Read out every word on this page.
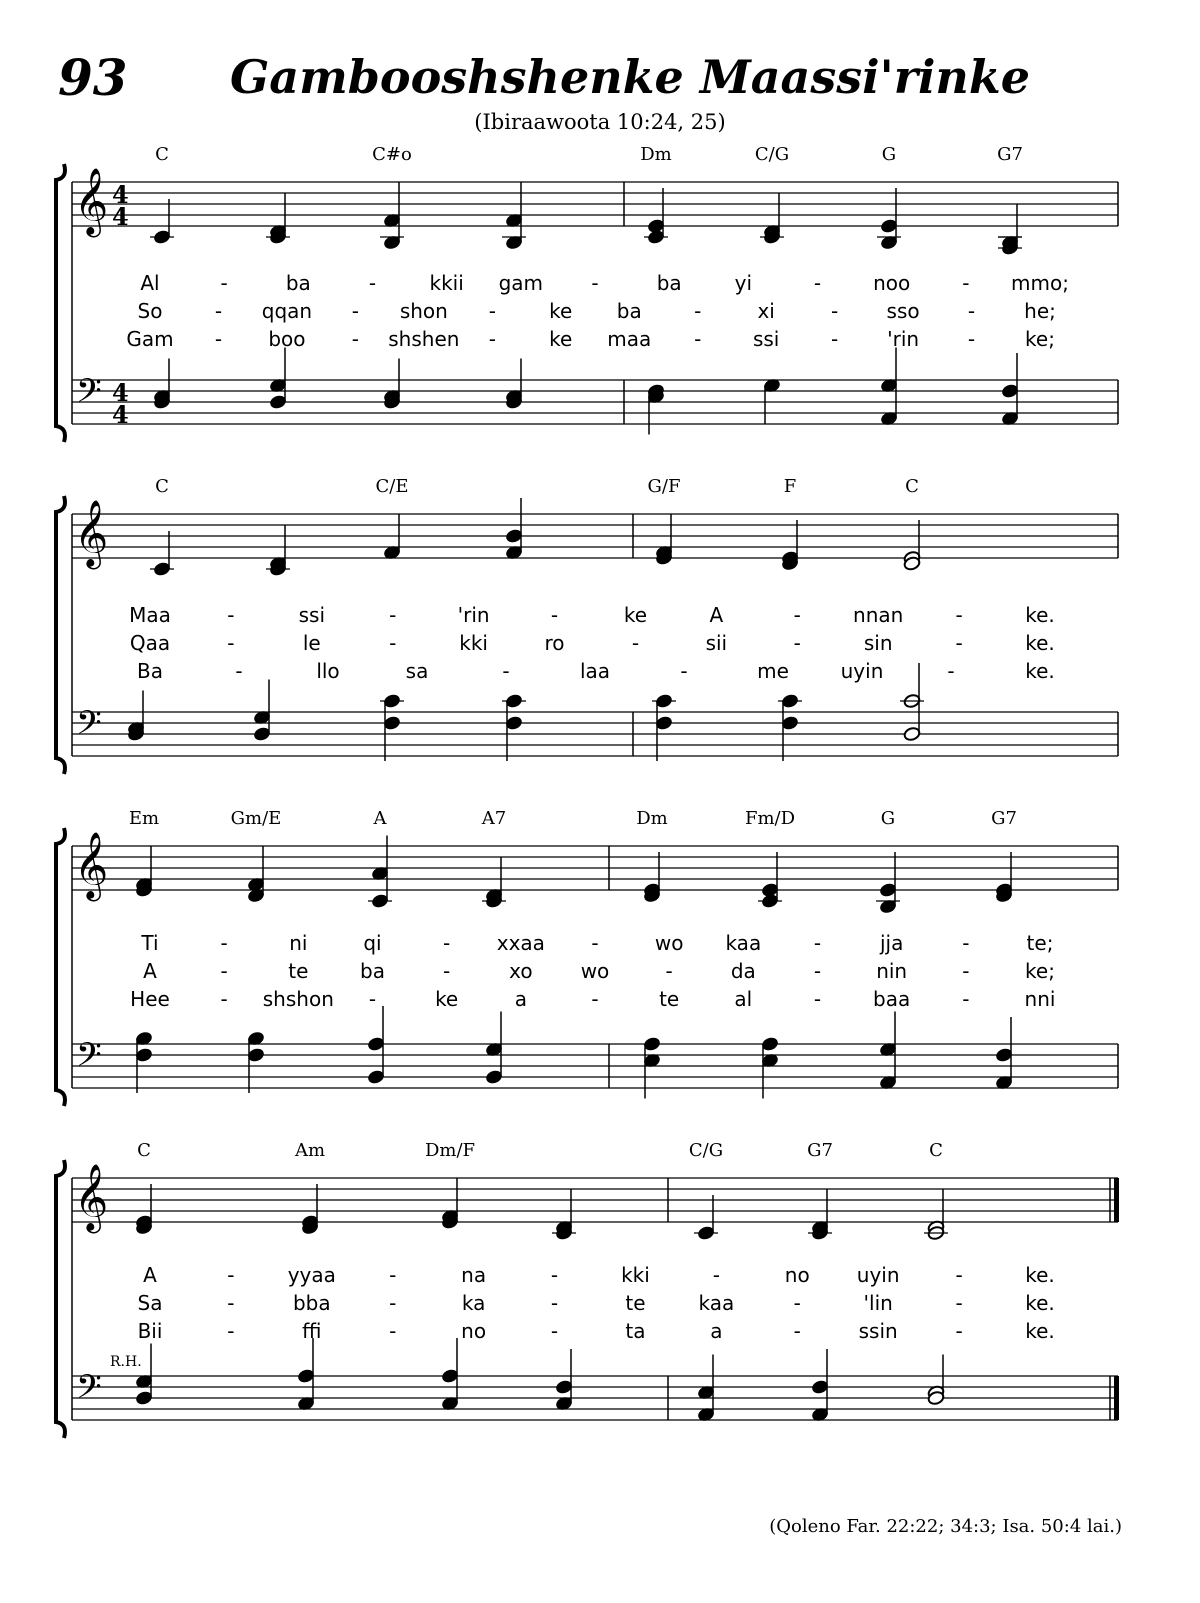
93	Gambooshshenke Maassi'rinke
(Ibiraawoota 10:24, 25)
𝄞
𝄢
4
4
4
4
C	C#o	Dm	C/G	G	G7
Al	-	ba	-	kkii gam -	ba	yi	-	noo	- mmo;
So	- qqan - shon -	ke ba	-	xi	- sso - he;
Gam - boo - shshen -	ke maa -	ssi	- 'rin - ke;
𝄞
𝄢
C	C/E	G/F	F	C
Maa	-	ssi	-	'rin	-	ke	A	-	nnan	-	ke.
Qaa	-	le	-	kki	ro	-	sii	-	sin	-	ke.
Ba	-	llo	sa	-	laa	-	me	uyin	-	ke.
𝄞
𝄢
Em	Gm/E	A	A7	Dm	Fm/D	G	G7
Ti	-	ni	qi	- xxaa -	wo kaa	-	jja	-	te;
A	-	te	ba	-	xo wo	-	da	-	nin	-	ke;
Hee	- shshon -	ke	a	-	te	al	-	baa	-	nni
𝄞
𝄢
C	Am	Dm/F	C/G	G7	C
A	-	yyaa	-	na	-	kki	-	no uyin	-	ke.
Sa	-	bba	-	ka	-	te	kaa	-	'lin	-	ke.
Bii	-	ffi	-	no	-	ta	a	-	ssin	-	ke.
R.H.
(Qoleno Far. 22:22; 34:3; Isa. 50:4 lai.)
